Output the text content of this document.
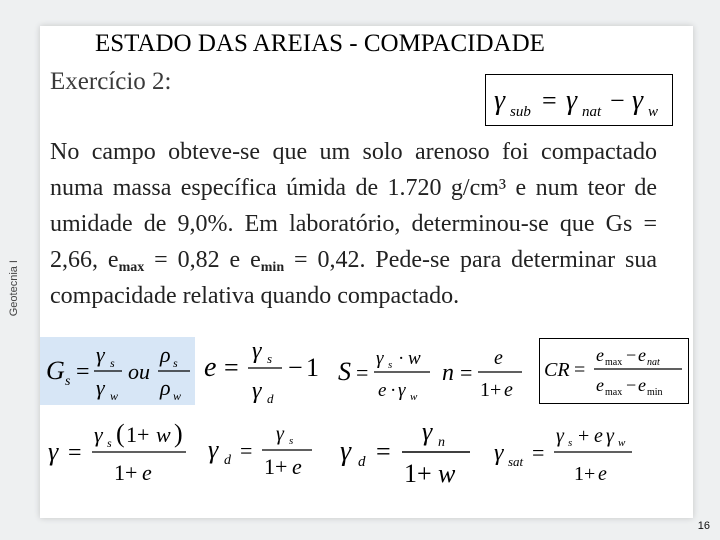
Geotecnia I
ESTADO DAS AREIAS - COMPACIDADE
Exercício 2:
γ sub = γ nat − γ w
No campo obteve-se que um solo arenoso foi compactado numa massa específica úmida de 1.720 g/cm³ e num teor de umidade de 9,0%. Em laboratório, determinou-se que Gs = 2,66, $e_{max} = 0,82$ e $e_{min} = 0,42$. Pede-se para determinar sua compacidade relativa quando compactado.
G s =
γ s
γ w
ou
ρ s
ρ w
e =
γ s
γ d
− 1 S =
γ s · w
e · γ w
n =
e
1+ e
CR =
e max − e nat
e max − e min
γ =
γ s ( 1+ w )
1+ e
γ d =
γ s
1+ e γ d =
γ n
1+ w
γ sat =
γ s + e γ w
1+ e
16
